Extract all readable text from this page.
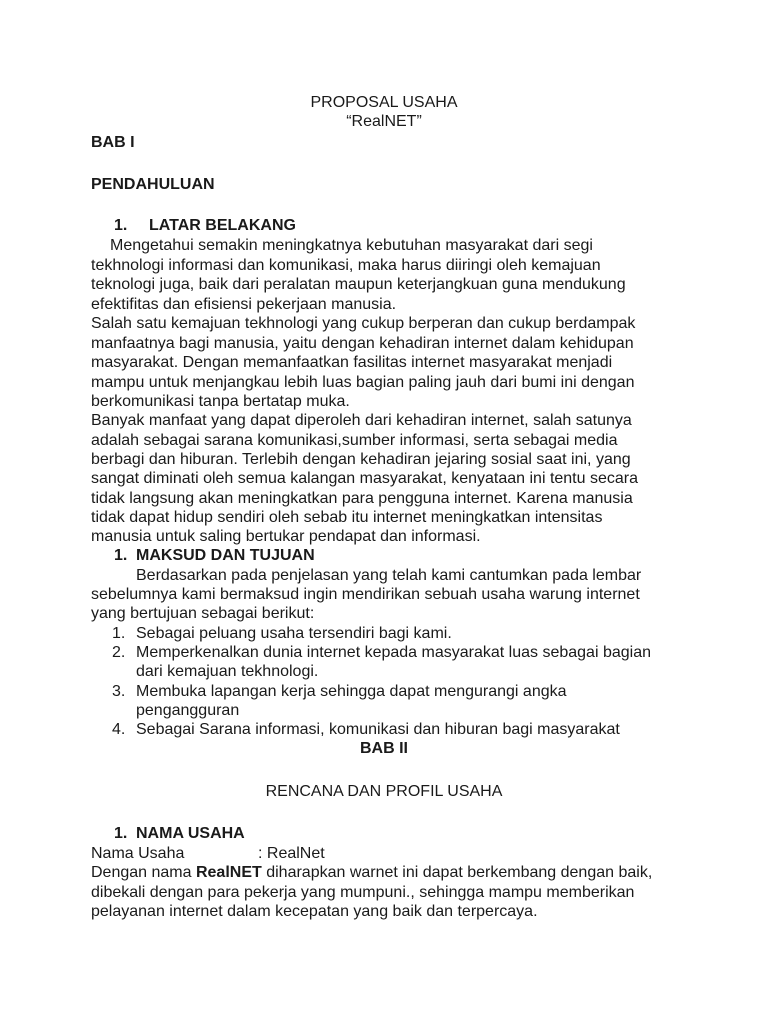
PROPOSAL USAHA
“RealNET”
BAB I
PENDAHULUAN
1. LATAR BELAKANG
Mengetahui semakin meningkatnya kebutuhan masyarakat dari segi
tekhnologi informasi dan komunikasi, maka harus diiringi oleh kemajuan
teknologi juga, baik dari peralatan maupun keterjangkuan guna mendukung
efektifitas dan efisiensi pekerjaan manusia.
Salah satu kemajuan tekhnologi yang cukup berperan dan cukup berdampak
manfaatnya bagi manusia, yaitu dengan kehadiran internet dalam kehidupan
masyarakat. Dengan memanfaatkan fasilitas internet masyarakat menjadi
mampu untuk menjangkau lebih luas bagian paling jauh dari bumi ini dengan
berkomunikasi tanpa bertatap muka.
Banyak manfaat yang dapat diperoleh dari kehadiran internet, salah satunya
adalah sebagai sarana komunikasi,sumber informasi, serta sebagai media
berbagi dan hiburan. Terlebih dengan kehadiran jejaring sosial saat ini, yang
sangat diminati oleh semua kalangan masyarakat, kenyataan ini tentu secara
tidak langsung akan meningkatkan para pengguna internet. Karena manusia
tidak dapat hidup sendiri oleh sebab itu internet meningkatkan intensitas
manusia untuk saling bertukar pendapat dan informasi.
1. MAKSUD DAN TUJUAN
Berdasarkan pada penjelasan yang telah kami cantumkan pada lembar
sebelumnya kami bermaksud ingin mendirikan sebuah usaha warung internet
yang bertujuan sebagai berikut:
1. Sebagai peluang usaha tersendiri bagi kami.
2. Memperkenalkan dunia internet kepada masyarakat luas sebagai bagian
dari kemajuan tekhnologi.
3. Membuka lapangan kerja sehingga dapat mengurangi angka
pengangguran
4. Sebagai Sarana informasi, komunikasi dan hiburan bagi masyarakat
BAB II
RENCANA DAN PROFIL USAHA
1. NAMA USAHA
Nama Usaha	: RealNet
Dengan nama RealNET diharapkan warnet ini dapat berkembang dengan baik,
dibekali dengan para pekerja yang mumpuni., sehingga mampu memberikan
pelayanan internet dalam kecepatan yang baik dan terpercaya.
